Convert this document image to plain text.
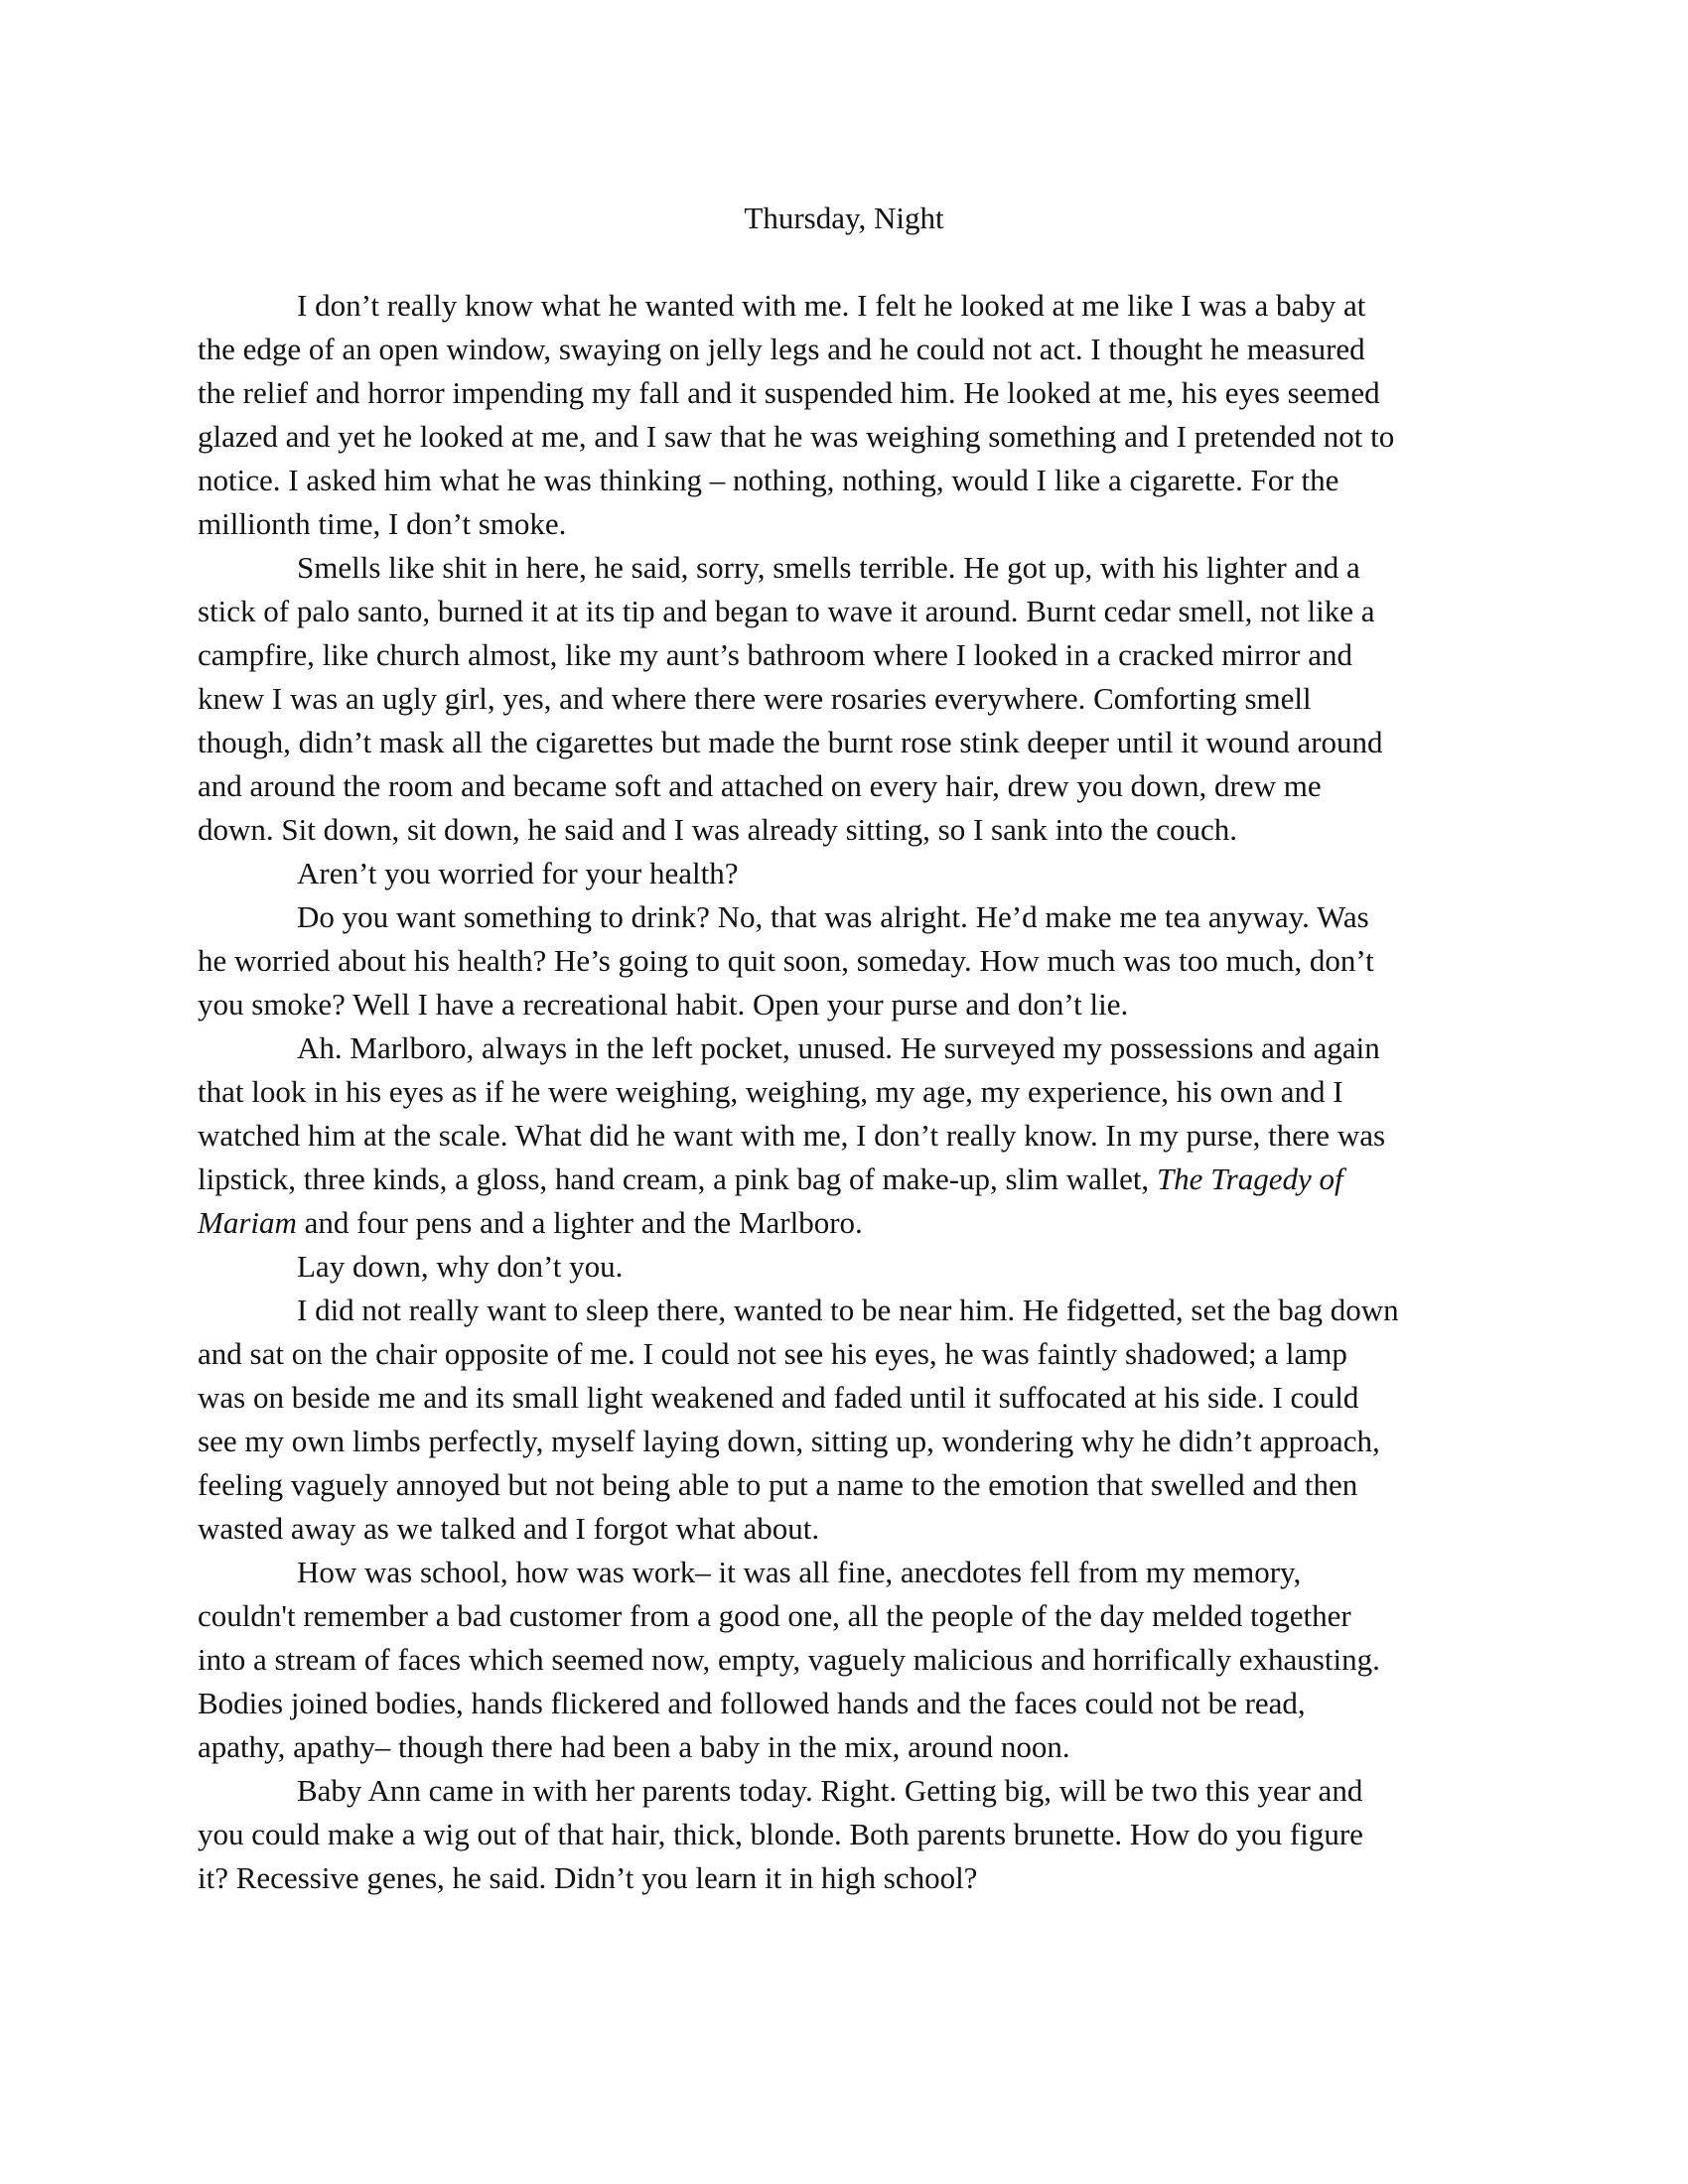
Thursday, Night

I don’t really know what he wanted with me. I felt he looked at me like I was a baby at
the edge of an open window, swaying on jelly legs and he could not act. I thought he measured
the relief and horror impending my fall and it suspended him. He looked at me, his eyes seemed
glazed and yet he looked at me, and I saw that he was weighing something and I pretended not to
notice. I asked him what he was thinking – nothing, nothing, would I like a cigarette. For the
millionth time, I don’t smoke.

Smells like shit in here, he said, sorry, smells terrible. He got up, with his lighter and a
stick of palo santo, burned it at its tip and began to wave it around. Burnt cedar smell, not like a
campfire, like church almost, like my aunt’s bathroom where I looked in a cracked mirror and
knew I was an ugly girl, yes, and where there were rosaries everywhere. Comforting smell
though, didn’t mask all the cigarettes but made the burnt rose stink deeper until it wound around
and around the room and became soft and attached on every hair, drew you down, drew me
down. Sit down, sit down, he said and I was already sitting, so I sank into the couch.

Aren’t you worried for your health?

Do you want something to drink? No, that was alright. He’d make me tea anyway. Was
he worried about his health? He’s going to quit soon, someday. How much was too much, don’t
you smoke? Well I have a recreational habit. Open your purse and don’t lie.

Ah. Marlboro, always in the left pocket, unused. He surveyed my possessions and again
that look in his eyes as if he were weighing, weighing, my age, my experience, his own and I
watched him at the scale. What did he want with me, I don’t really know. In my purse, there was
lipstick, three kinds, a gloss, hand cream, a pink bag of make-up, slim wallet, The Tragedy of
Mariam and four pens and a lighter and the Marlboro.

Lay down, why don’t you.

I did not really want to sleep there, wanted to be near him. He fidgetted, set the bag down
and sat on the chair opposite of me. I could not see his eyes, he was faintly shadowed; a lamp
was on beside me and its small light weakened and faded until it suffocated at his side. I could
see my own limbs perfectly, myself laying down, sitting up, wondering why he didn’t approach,
feeling vaguely annoyed but not being able to put a name to the emotion that swelled and then
wasted away as we talked and I forgot what about.

How was school, how was work– it was all fine, anecdotes fell from my memory,
couldn't remember a bad customer from a good one, all the people of the day melded together
into a stream of faces which seemed now, empty, vaguely malicious and horrifically exhausting.
Bodies joined bodies, hands flickered and followed hands and the faces could not be read,
apathy, apathy– though there had been a baby in the mix, around noon.

Baby Ann came in with her parents today. Right. Getting big, will be two this year and
you could make a wig out of that hair, thick, blonde. Both parents brunette. How do you figure
it? Recessive genes, he said. Didn’t you learn it in high school?
